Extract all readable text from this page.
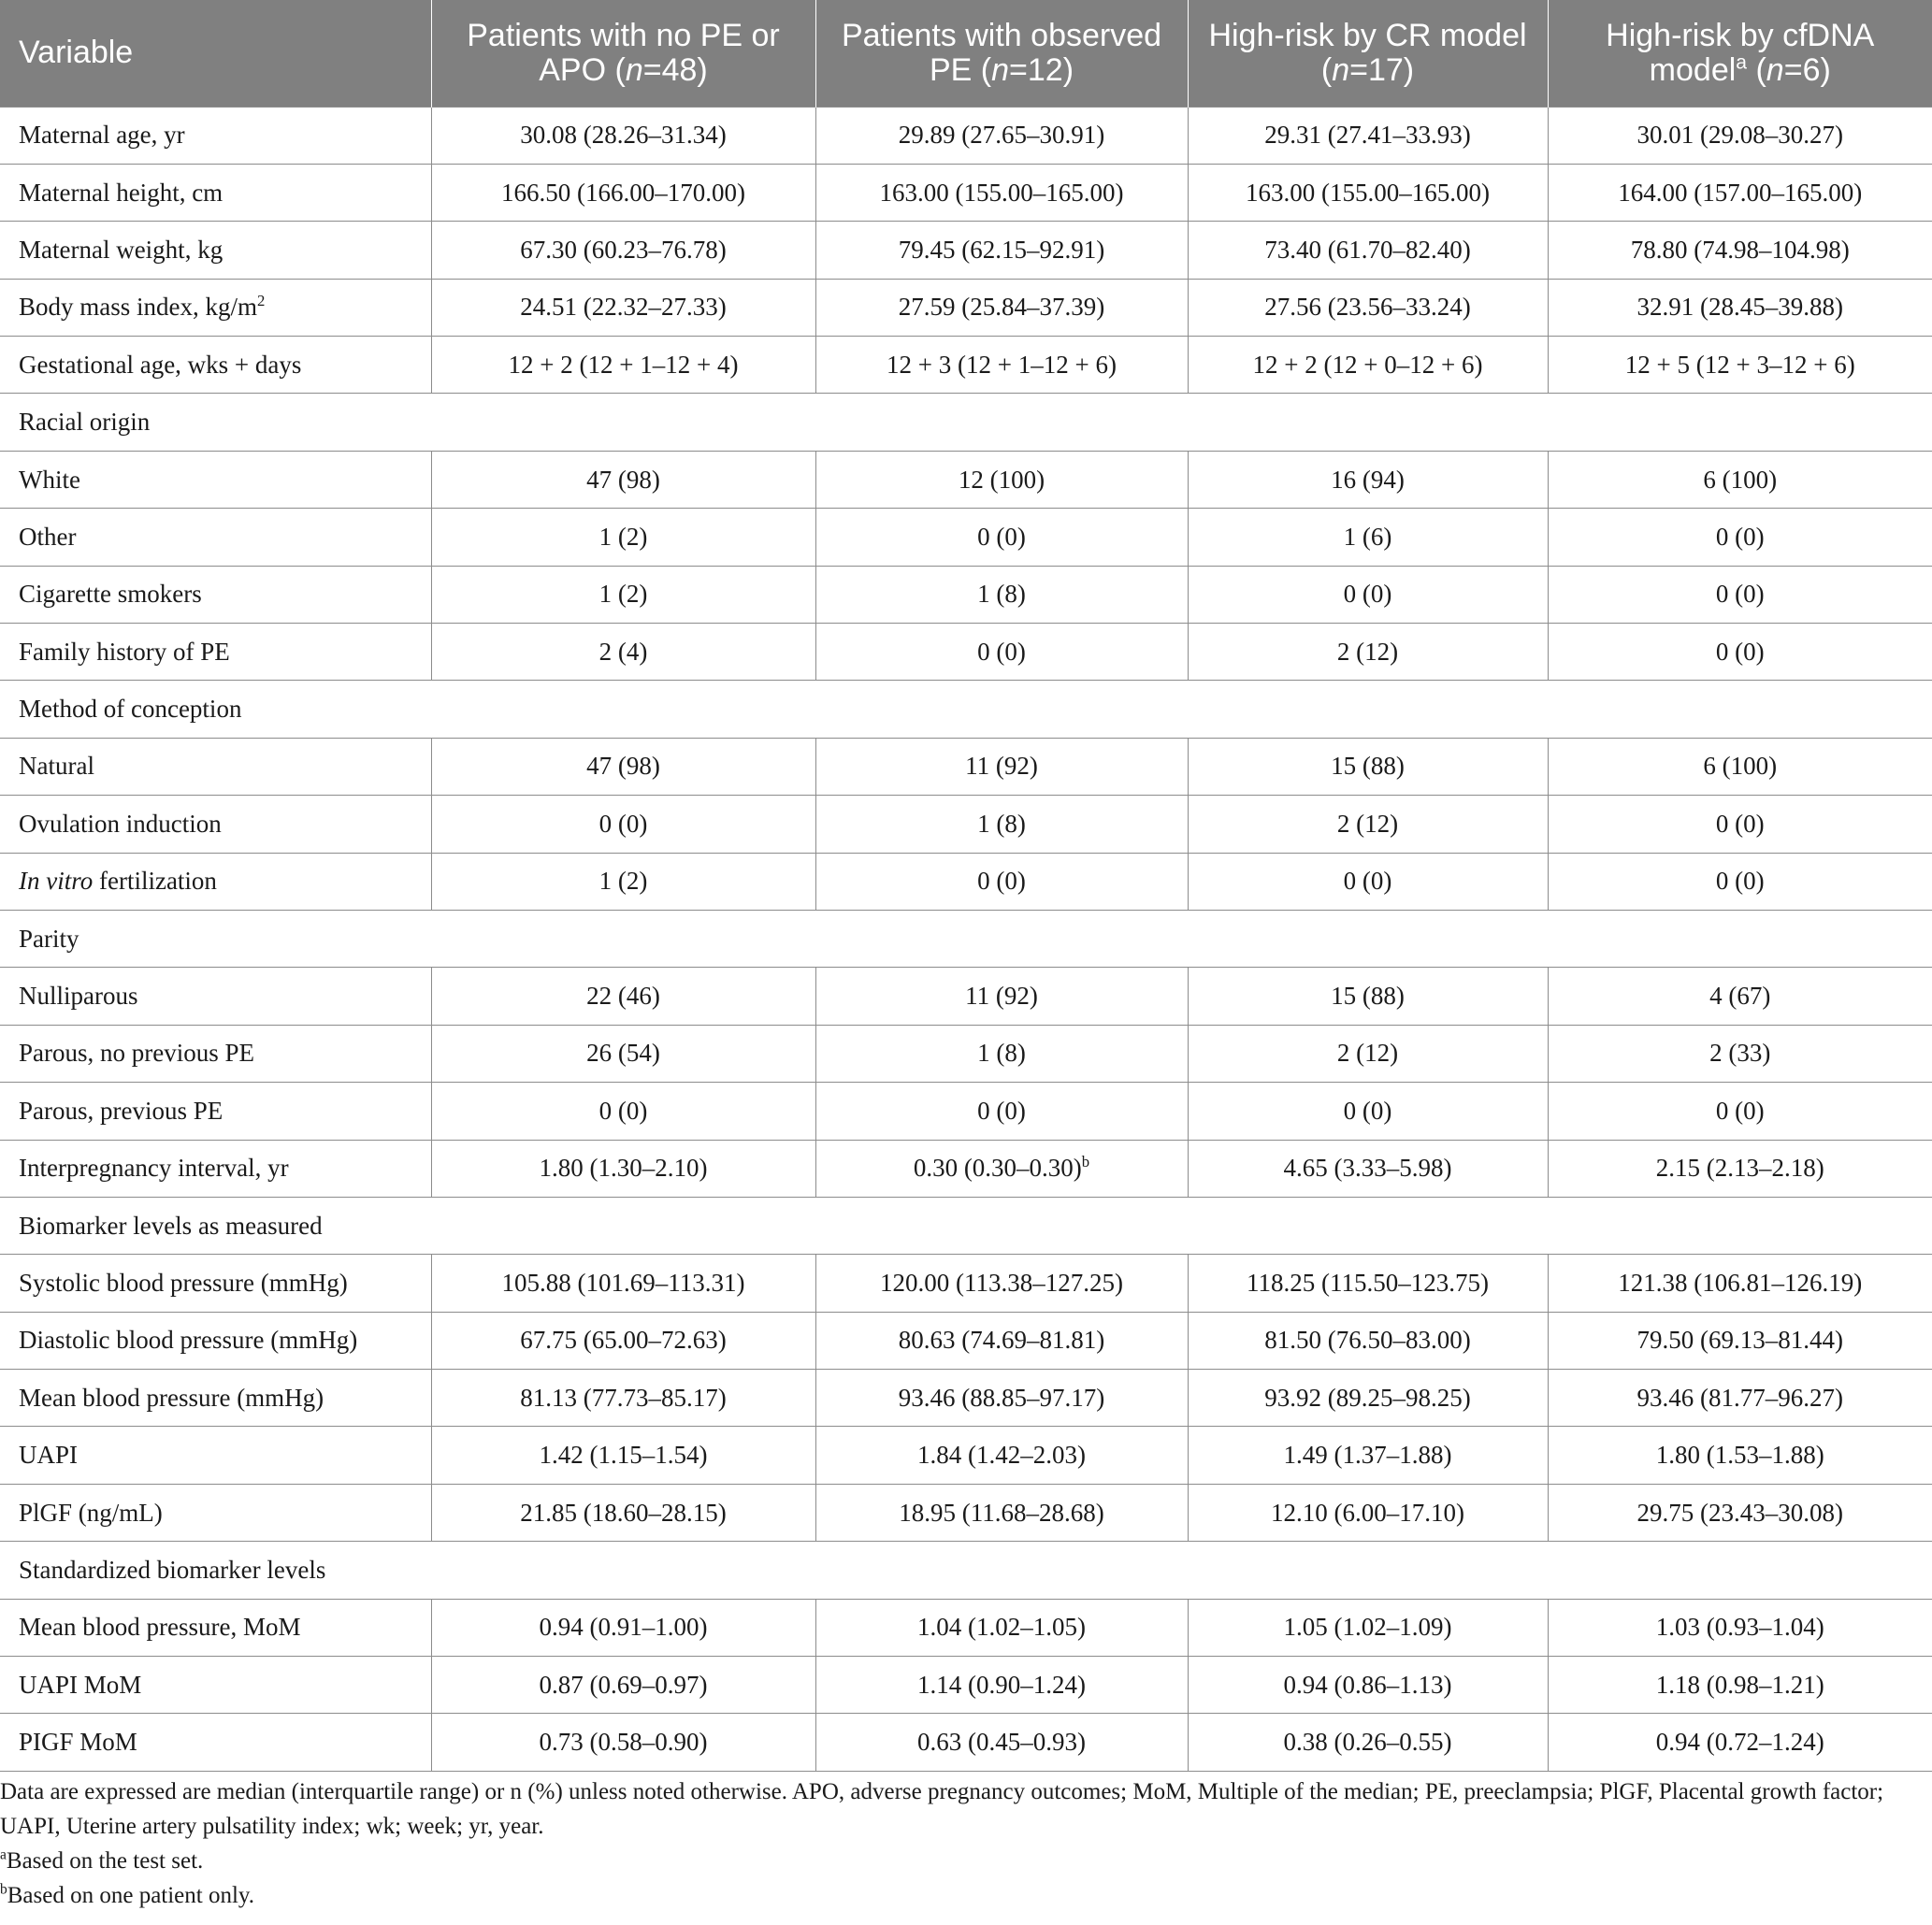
Variable	Patients with no PE or APO (n=48)	Patients with observed PE (n=12)	High-risk by CR model (n=17)	High-risk by cfDNA model$^a$ (n=6)
Maternal age, yr	30.08 (28.26–31.34)	29.89 (27.65–30.91)	29.31 (27.41–33.93)	30.01 (29.08–30.27)
Maternal height, cm	166.50 (166.00–170.00)	163.00 (155.00–165.00)	163.00 (155.00–165.00)	164.00 (157.00–165.00)
Maternal weight, kg	67.30 (60.23–76.78)	79.45 (62.15–92.91)	73.40 (61.70–82.40)	78.80 (74.98–104.98)
Body mass index, $kg/m^2$	24.51 (22.32–27.33)	27.59 (25.84–37.39)	27.56 (23.56–33.24)	32.91 (28.45–39.88)
Gestational age, wks + days	12 + 2 (12 + 1–12 + 4)	12 + 3 (12 + 1–12 + 6)	12 + 2 (12 + 0–12 + 6)	12 + 5 (12 + 3–12 + 6)
Racial origin				
White	47 (98)	12 (100)	16 (94)	6 (100)
Other	1 (2)	0 (0)	1 (6)	0 (0)
Cigarette smokers	1 (2)	1 (8)	0 (0)	0 (0)
Family history of PE	2 (4)	0 (0)	2 (12)	0 (0)
Method of conception				
Natural	47 (98)	11 (92)	15 (88)	6 (100)
Ovulation induction	0 (0)	1 (8)	2 (12)	0 (0)
In vitro fertilization	1 (2)	0 (0)	0 (0)	0 (0)
Parity				
Nulliparous	22 (46)	11 (92)	15 (88)	4 (67)
Parous, no previous PE	26 (54)	1 (8)	2 (12)	2 (33)
Parous, previous PE	0 (0)	0 (0)	0 (0)	0 (0)
Interpregnancy interval, yr	1.80 (1.30–2.10)	0.30 $(0.30-0.30)^b$	4.65 (3.33–5.98)	2.15 (2.13–2.18)
Biomarker levels as measured				
Systolic blood pressure (mmHg)	105.88 (101.69–113.31)	120.00 (113.38–127.25)	118.25 (115.50–123.75)	121.38 (106.81–126.19)
Diastolic blood pressure (mmHg)	67.75 (65.00–72.63)	80.63 (74.69–81.81)	81.50 (76.50–83.00)	79.50 (69.13–81.44)
Mean blood pressure (mmHg)	81.13 (77.73–85.17)	93.46 (88.85–97.17)	93.92 (89.25–98.25)	93.46 (81.77–96.27)
UAPI	1.42 (1.15–1.54)	1.84 (1.42–2.03)	1.49 (1.37–1.88)	1.80 (1.53–1.88)
PlGF (ng/mL)	21.85 (18.60–28.15)	18.95 (11.68–28.68)	12.10 (6.00–17.10)	29.75 (23.43–30.08)
Standardized biomarker levels				
Mean blood pressure, MoM	0.94 (0.91–1.00)	1.04 (1.02–1.05)	1.05 (1.02–1.09)	1.03 (0.93–1.04)
UAPI MoM	0.87 (0.69–0.97)	1.14 (0.90–1.24)	0.94 (0.86–1.13)	1.18 (0.98–1.21)
PIGF MoM	0.73 (0.58–0.90)	0.63 (0.45–0.93)	0.38 (0.26–0.55)	0.94 (0.72–1.24)

Data are expressed are median (interquartile range) or n (%) unless noted otherwise. APO, adverse pregnancy outcomes; MoM, Multiple of the median; PE, preeclampsia; PlGF, Placental growth factor; UAPI, Uterine artery pulsatility index; wk; week; yr, year.

$^a$Based on the test set.

$^b$Based on one patient only.
